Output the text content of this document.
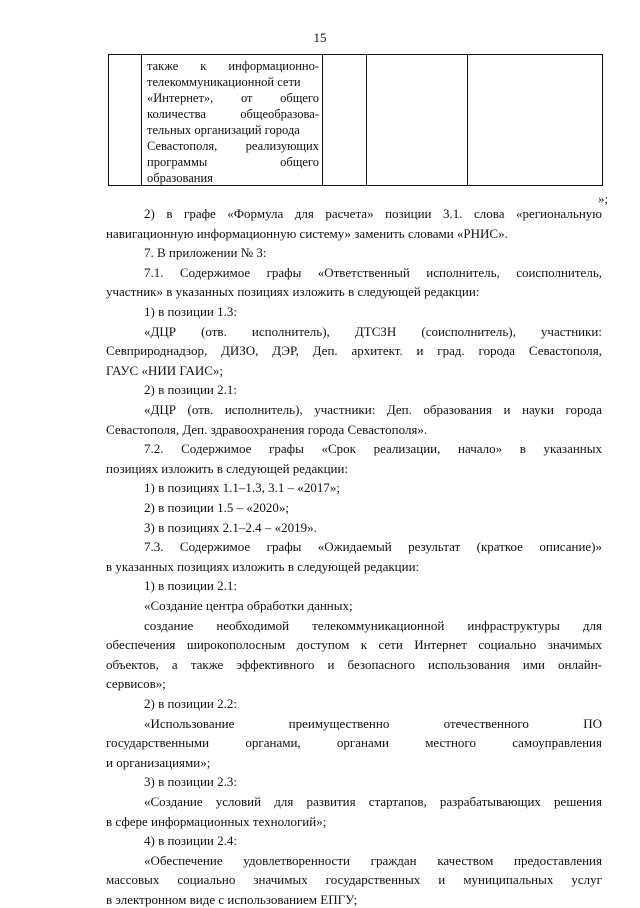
15
также к информационно-
телекоммуникационной сети
«Интернет», от общего
количества общеобразова-
тельных организаций города
Севастополя, реализующих
программы общего
образования
»;
2) в графе «Формула для расчета» позиции 3.1. слова «региональную
навигационную информационную систему» заменить словами «РНИС».
7. В приложении № 3:
7.1. Содержимое графы «Ответственный исполнитель, соисполнитель,
участник» в указанных позициях изложить в следующей редакции:
1) в позиции 1.3:
«ДЦР (отв. исполнитель), ДТСЗН (соисполнитель), участники:
Севприроднадзор, ДИЗО, ДЭР, Деп. архитект. и град. города Севастополя,
ГАУС «НИИ ГАИС»;
2) в позиции 2.1:
«ДЦР (отв. исполнитель), участники: Деп. образования и науки города
Севастополя, Деп. здравоохранения города Севастополя».
7.2. Содержимое графы «Срок реализации, начало» в указанных
позициях изложить в следующей редакции:
1) в позициях 1.1–1.3, 3.1 – «2017»;
2) в позиции 1.5 – «2020»;
3) в позициях 2.1–2.4 – «2019».
7.3. Содержимое графы «Ожидаемый результат (краткое описание)»
в указанных позициях изложить в следующей редакции:
1) в позиции 2.1:
«Создание центра обработки данных;
создание необходимой телекоммуникационной инфраструктуры для
обеспечения широкополосным доступом к сети Интернет социально значимых
объектов, а также эффективного и безопасного использования ими онлайн-
сервисов»;
2) в позиции 2.2:
«Использование преимущественно отечественного ПО
государственными органами, органами местного самоуправления
и организациями»;
3) в позиции 2.3:
«Создание условий для развития стартапов, разрабатывающих решения
в сфере информационных технологий»;
4) в позиции 2.4:
«Обеспечение удовлетворенности граждан качеством предоставления
массовых социально значимых государственных и муниципальных услуг
в электронном виде с использованием ЕПГУ;
